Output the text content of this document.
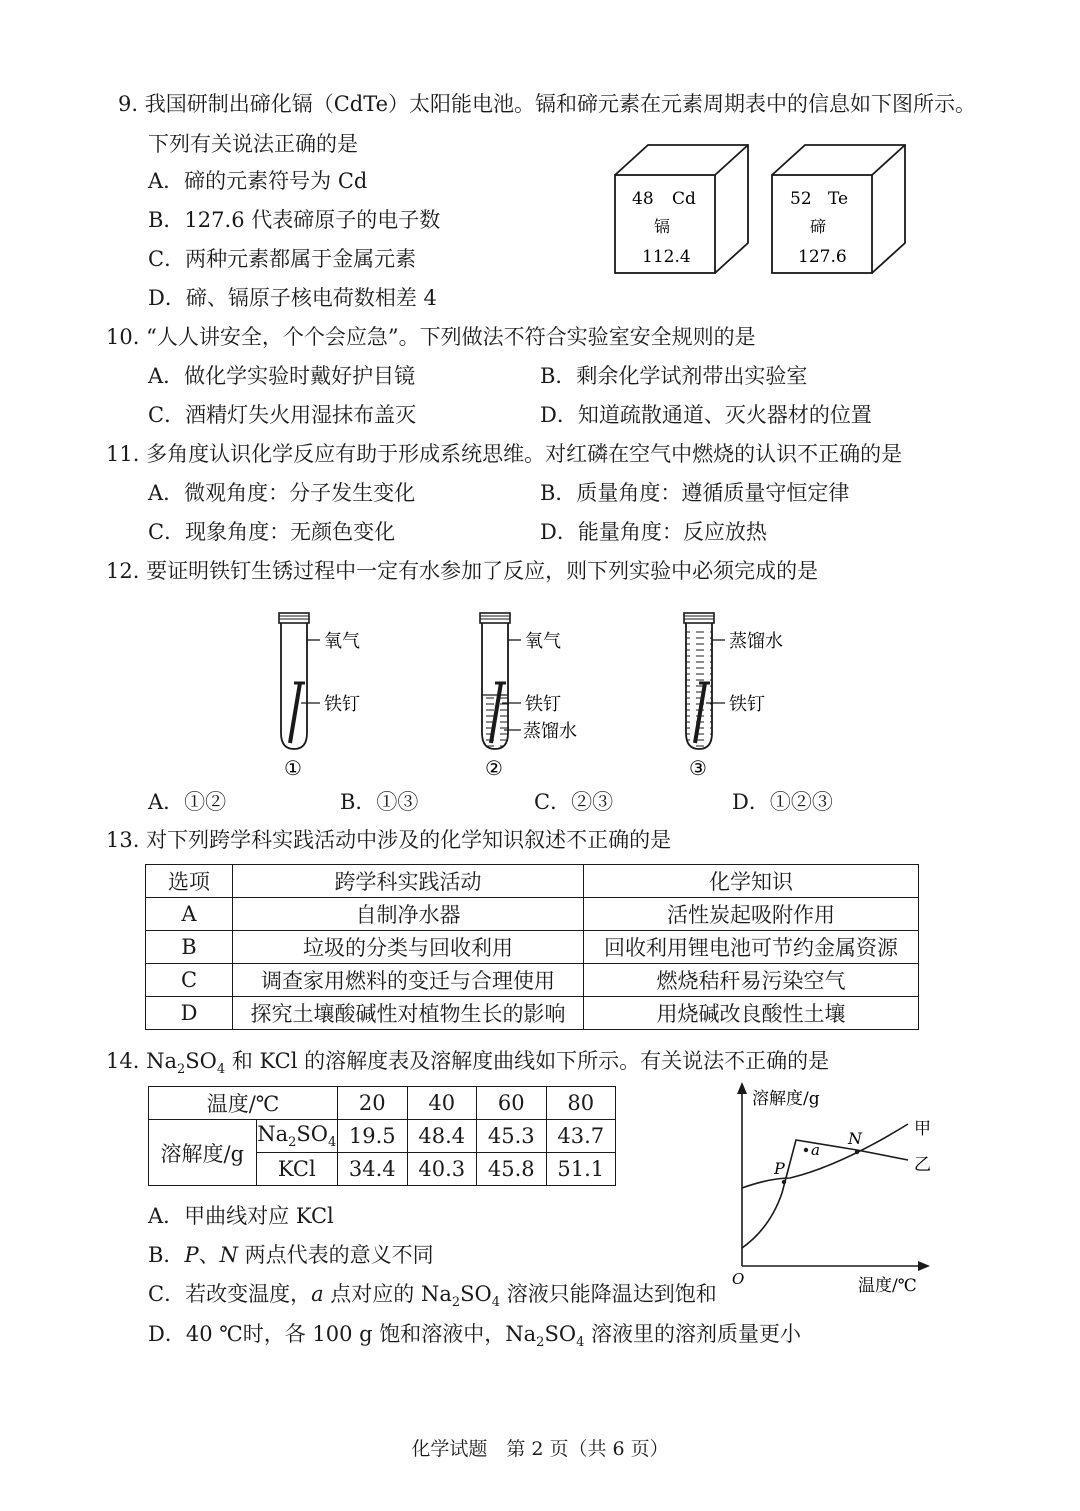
9. 我国研制出碲化镉（CdTe）太阳能电池。镉和碲元素在元素周期表中的信息如下图所示。
下列有关说法正确的是
A．碲的元素符号为 Cd
B．127.6 代表碲原子的电子数
C．两种元素都属于金属元素
D．碲、镉原子核电荷数相差 4
48 Cd
镉
112.4
52 Te
碲
127.6
10. “人人讲安全，个个会应急”。下列做法不符合实验室安全规则的是
A．做化学实验时戴好护目镜	B．剩余化学试剂带出实验室
C．酒精灯失火用湿抹布盖灭	D．知道疏散通道、灭火器材的位置
11. 多角度认识化学反应有助于形成系统思维。对红磷在空气中燃烧的认识不正确的是
A．微观角度：分子发生变化	B．质量角度：遵循质量守恒定律
C．现象角度：无颜色变化	D．能量角度：反应放热
12. 要证明铁钉生锈过程中一定有水参加了反应，则下列实验中必须完成的是
氧气
铁钉
①
氧气
铁钉
蒸馏水
②
蒸馏水
铁钉
③
A．①②	B．①③	C．②③	D．①②③
13. 对下列跨学科实践活动中涉及的化学知识叙述不正确的是
选项	跨学科实践活动	化学知识
A	自制净水器	活性炭起吸附作用
B	垃圾的分类与回收利用	回收利用锂电池可节约金属资源
C	调查家用燃料的变迁与合理使用	燃烧秸秆易污染空气
D	探究土壤酸碱性对植物生长的影响	用烧碱改良酸性土壤
14. $Na_2SO_4$ 和 KCl 的溶解度表及溶解度曲线如下所示。有关说法不正确的是
温度/℃		20	40	60	80
溶解度/g	$Na_2SO_4$	19.5	48.4	45.3	43.7
	KCl	34.4	40.3	45.8	51.1
溶解度/g
温度/℃
O
甲
乙
P
N
a
A．甲曲线对应 KCl
B．P、N 两点代表的意义不同
C．若改变温度，a 点对应的 $Na_2SO_4$ 溶液只能降温达到饱和
D．40 ℃时，各 100 g 饱和溶液中，$Na_2SO_4$ 溶液里的溶剂质量更小
化学试题　第 2 页（共 6 页）
